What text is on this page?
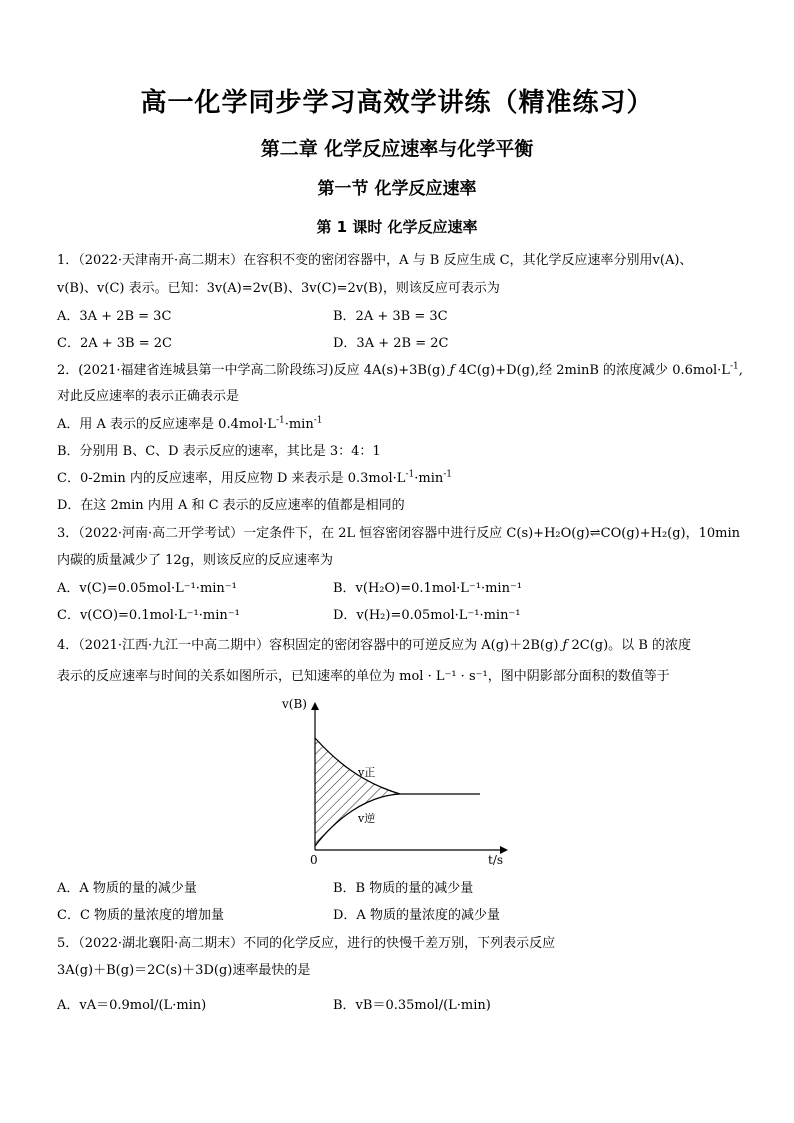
高一化学同步学习高效学讲练（精准练习）
第二章 化学反应速率与化学平衡
第一节 化学反应速率
第 1 课时 化学反应速率
1．（2022·天津南开·高二期末）在容积不变的密闭容器中，A 与 B 反应生成 C，其化学反应速率分别用v(A)、
v(B)、v(C) 表示。已知：3v(A)=2v(B)、3v(C)=2v(B)，则该反应可表示为
A．3A + 2B = 3C	B．2A + 3B = 3C
C．2A + 3B = 2C	D．3A + 2B = 2C
2．(2021·福建省连城县第一中学高二阶段练习)反应 4A(s)+3B(g) ƒ 4C(g)+D(g),经 2minB 的浓度减少 $0.6mol\cdot L^{-1}$,
对此反应速率的表示正确表示是
A．用 A 表示的反应速率是 $0.4mol\cdot L^{-1}\cdot\min^{-1}$
B．分别用 B、C、D 表示反应的速率，其比是 3：4：1
C．0-2min 内的反应速率，用反应物 D 来表示是 $0.3mol\cdot L^{-1}\cdot\min^{-1}$
D．在这 2min 内用 A 和 C 表示的反应速率的值都是相同的
3．（2022·河南·高二开学考试）一定条件下，在 2L 恒容密闭容器中进行反应 C(s)+H₂O(g)⇌CO(g)+H₂(g)，10min
内碳的质量减少了 12g，则该反应的反应速率为
A．v(C)=0.05mol·L⁻¹·min⁻¹	B．v(H₂O)=0.1mol·L⁻¹·min⁻¹
C．v(CO)=0.1mol·L⁻¹·min⁻¹	D．v(H₂)=0.05mol·L⁻¹·min⁻¹
4．（2021·江西·九江一中高二期中）容积固定的密闭容器中的可逆反应为 A(g)＋2B(g) ƒ 2C(g)。以 B 的浓度
表示的反应速率与时间的关系如图所示，已知速率的单位为 mol · L⁻¹ · s⁻¹，图中阴影部分面积的数值等于
v(B)
t/s
0
v正
v逆
A．A 物质的量的减少量	B．B 物质的量的减少量
C．C 物质的量浓度的增加量	D．A 物质的量浓度的减少量
5．（2022·湖北襄阳·高二期末）不同的化学反应，进行的快慢千差万别，下列表示反应
3A(g)＋B(g)＝2C(s)＋3D(g)速率最快的是
A．vA＝0.9mol/(L·min)	B．vB＝0.35mol/(L·min)
